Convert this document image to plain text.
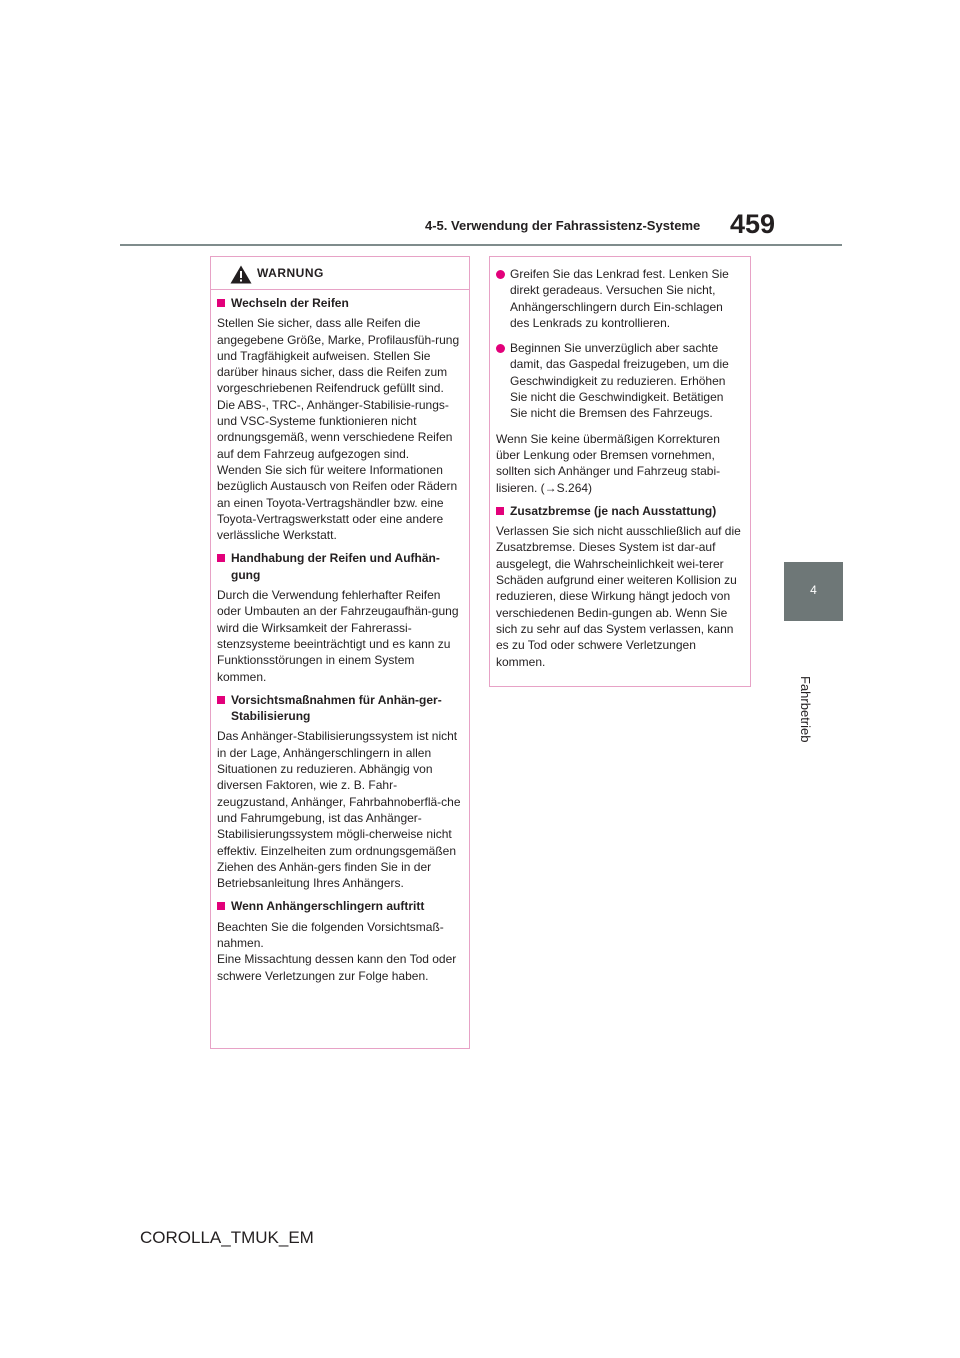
459
4-5. Verwendung der Fahrassistenz-Systeme
4
Fahrbetrieb
WARNUNG
Wechseln der Reifen
Stellen Sie sicher, dass alle Reifen die angegebene Größe, Marke, Profilausfüh-rung und Tragfähigkeit aufweisen. Stellen Sie darüber hinaus sicher, dass die Reifen zum vorgeschriebenen Reifendruck gefüllt sind.
Die ABS-, TRC-, Anhänger-Stabilisie-rungs- und VSC-Systeme funktionieren nicht ordnungsgemäß, wenn verschiedene Reifen auf dem Fahrzeug aufgezogen sind.
Wenden Sie sich für weitere Informationen bezüglich Austausch von Reifen oder Rädern an einen Toyota-Vertragshändler bzw. eine Toyota-Vertragswerkstatt oder eine andere verlässliche Werkstatt.
Handhabung der Reifen und Aufhän-gung
Durch die Verwendung fehlerhafter Reifen oder Umbauten an der Fahrzeugaufhän-gung wird die Wirksamkeit der Fahrerassi-stenzsysteme beeinträchtigt und es kann zu Funktionsstörungen in einem System kommen.
Vorsichtsmaßnahmen für Anhän-ger-Stabilisierung
Das Anhänger-Stabilisierungssystem ist nicht in der Lage, Anhängerschlingern in allen Situationen zu reduzieren. Abhängig von diversen Faktoren, wie z. B. Fahr-zeugzustand, Anhänger, Fahrbahnoberflä-che und Fahrumgebung, ist das Anhänger-Stabilisierungssystem mögli-cherweise nicht effektiv. Einzelheiten zum ordnungsgemäßen Ziehen des Anhän-gers finden Sie in der Betriebsanleitung Ihres Anhängers.
Wenn Anhängerschlingern auftritt
Beachten Sie die folgenden Vorsichtsmaß-nahmen.
Eine Missachtung dessen kann den Tod oder schwere Verletzungen zur Folge haben.
Greifen Sie das Lenkrad fest. Lenken Sie direkt geradeaus. Versuchen Sie nicht, Anhängerschlingern durch Ein-schlagen des Lenkrads zu kontrollieren.
Beginnen Sie unverzüglich aber sachte damit, das Gaspedal freizugeben, um die Geschwindigkeit zu reduzieren. Erhöhen Sie nicht die Geschwindigkeit. Betätigen Sie nicht die Bremsen des Fahrzeugs.
Wenn Sie keine übermäßigen Korrekturen über Lenkung oder Bremsen vornehmen, sollten sich Anhänger und Fahrzeug stabi-lisieren. (→S.264)
Zusatzbremse (je nach Ausstattung)
Verlassen Sie sich nicht ausschließlich auf die Zusatzbremse. Dieses System ist dar-auf ausgelegt, die Wahrscheinlichkeit wei-terer Schäden aufgrund einer weiteren Kollision zu reduzieren, diese Wirkung hängt jedoch von verschiedenen Bedin-gungen ab. Wenn Sie sich zu sehr auf das System verlassen, kann es zu Tod oder schwere Verletzungen kommen.
COROLLA_TMUK_EM
